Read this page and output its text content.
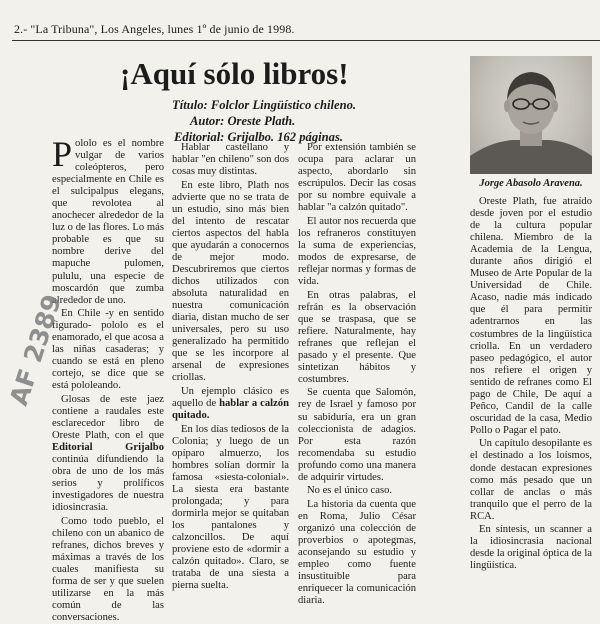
2.- "La Tribuna", Los Angeles, lunes 1º de junio de 1998.
¡Aquí sólo libros!
Título: Folclor Lingüístico chileno.
Autor: Oreste Plath.
Editorial: Grijalbo. 162 páginas.
Jorge Abasolo Aravena.

Pololo es el nombre vulgar de varios coleópteros, pero especialmente en Chile es el sulcipalpus elegans, que revolotea al anochecer alrededor de la luz o de las flores. Lo más probable es que su nombre derive del mapuche pulomen, pululu, una especie de moscardón que zumba alrededor de uno.

En Chile -y en sentido figurado- pololo es el enamorado, el que acosa a las niñas casaderas; y cuando se está en pleno cortejo, se dice que se está pololeando.

Glosas de este jaez contiene a raudales este esclarecedor libro de Oreste Plath, con el que Editorial Grijalbo continúa difundiendo la obra de uno de los más serios y prolíficos investigadores de nuestra idiosincrasia.

Como todo pueblo, el chileno con un abanico de refranes, dichos breves y máximas a través de los cuales manifiesta su forma de ser y que suelen utilizarse en la más común de las conversaciones.

Hablar castellano y hablar "en chileno" son dos cosas muy distintas.

En este libro, Plath nos advierte que no se trata de un estudio, sino más bien del intento de rescatar ciertos aspectos del habla que ayudarán a conocernos de mejor modo. Descubriremos que ciertos dichos utilizados con absoluta naturalidad en nuestra comunicación diaria, distan mucho de ser universales, pero su uso generalizado ha permitido que se les incorpore al arsenal de expresiones criollas.

Un ejemplo clásico es aquello de hablar a calzón quitado.

En los días tediosos de la Colonia; y luego de un opíparo almuerzo, los hombres solían dormir la famosa «siesta-colonial». La siesta era bastante prolongada; y para dormirla mejor se quitaban los pantalones y calzoncillos. De aquí proviene esto de «dormir a calzón quitado». Claro, se trataba de una siesta a pierna suelta.

Por extensión también se ocupa para aclarar un aspecto, abordarlo sin escrúpulos. Decir las cosas por su nombre equivale a hablar "a calzón quitado".

El autor nos recuerda que los refraneros constituyen la suma de experiencias, modos de expresarse, de reflejar normas y formas de vida.

En otras palabras, el refrán es la observación que se traspasa, que se refiere. Naturalmente, hay refranes que reflejan el pasado y el presente. Que sintetizan hábitos y costumbres.

Se cuenta que Salomón, rey de Israel y famoso por su sabiduría, era un gran coleccionista de adagios. Por esta razón recomendaba su estudio profundo como una manera de adquirir virtudes.

No es el único caso.

La historia da cuenta que en Roma, Julio César organizó una colección de proverbios o apotegmas, aconsejando su estudio y empleo como fuente insustituible para enriquecer la comunicación diaria.

Oreste Plath, fue atraído desde joven por el estudio de la cultura popular chilena. Miembro de la Academia de la Lengua, durante años dirigió el Museo de Arte Popular de la Universidad de Chile. Acaso, nadie más indicado que él para permitir adentrarnos en las costumbres de la lingüística criolla. En un verdadero paseo pedagógico, el autor nos refiere el origen y sentido de refranes como El pago de Chile, De aquí a Peñco, Candil de la calle oscuridad de la casa, Medio Pollo o Pagar el pato.

Un capítulo desopilante es el destinado a los loísmos, donde destacan expresiones como más pesado que un collar de anclas o más tranquilo que el perro de la RCA.

En síntesis, un scanner a la idiosincrasia nacional desde la original óptica de la lingüística.

AF 2389
